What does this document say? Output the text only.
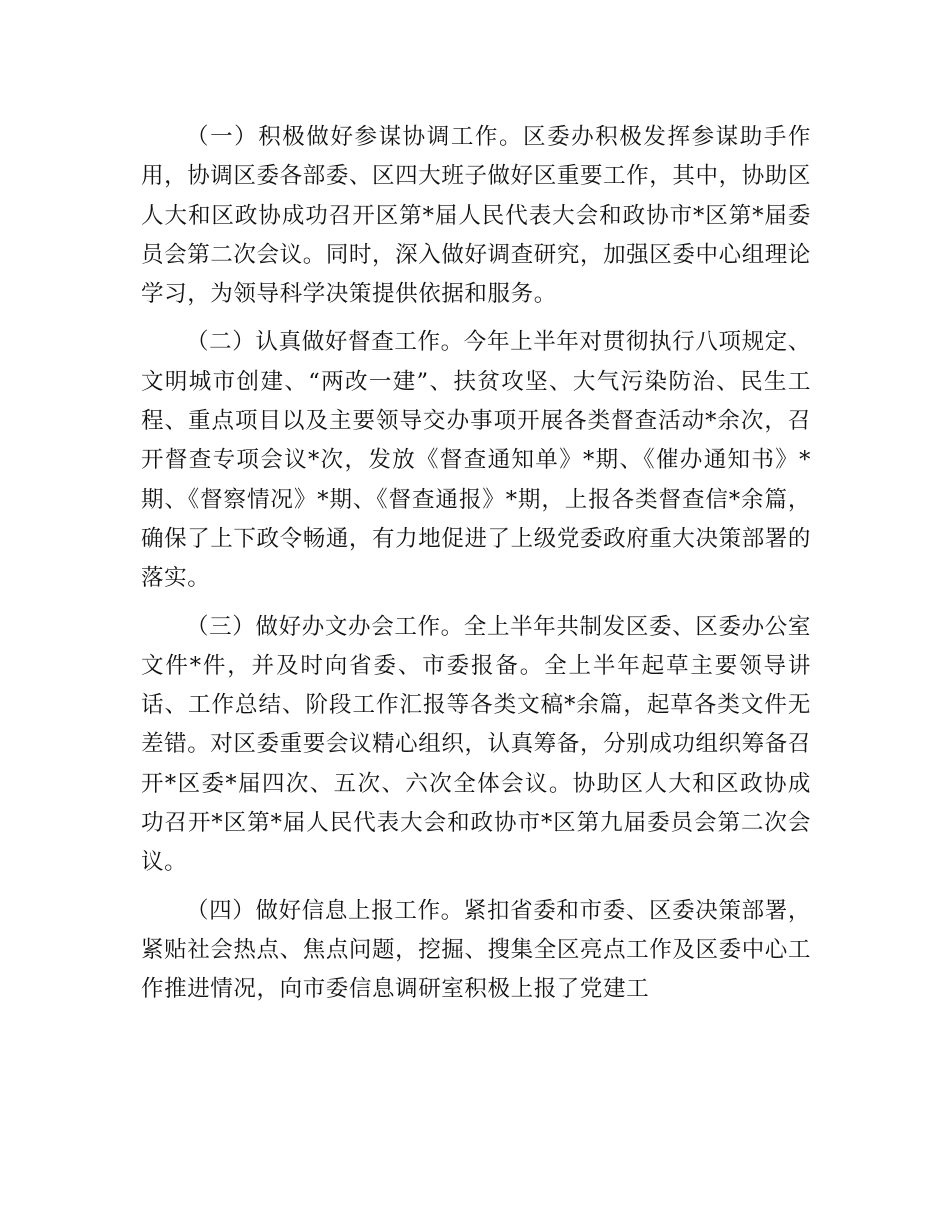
（一）积极做好参谋协调工作。区委办积极发挥参谋助手作用，协调区委各部委、区四大班子做好区重要工作，其中，协助区人大和区政协成功召开区第*届人民代表大会和政协市*区第*届委员会第二次会议。同时，深入做好调查研究，加强区委中心组理论学习，为领导科学决策提供依据和服务。

（二）认真做好督查工作。今年上半年对贯彻执行八项规定、文明城市创建、“两改一建”、扶贫攻坚、大气污染防治、民生工程、重点项目以及主要领导交办事项开展各类督查活动*余次，召开督查专项会议*次，发放《督查通知单》*期、《催办通知书》*期、《督察情况》*期、《督查通报》*期，上报各类督查信*余篇，确保了上下政令畅通，有力地促进了上级党委政府重大决策部署的落实。

（三）做好办文办会工作。全上半年共制发区委、区委办公室文件*件，并及时向省委、市委报备。全上半年起草主要领导讲话、工作总结、阶段工作汇报等各类文稿*余篇，起草各类文件无差错。对区委重要会议精心组织，认真筹备，分别成功组织筹备召开*区委*届四次、五次、六次全体会议。协助区人大和区政协成功召开*区第*届人民代表大会和政协市*区第九届委员会第二次会议。

（四）做好信息上报工作。紧扣省委和市委、区委决策部署，紧贴社会热点、焦点问题，挖掘、搜集全区亮点工作及区委中心工作推进情况，向市委信息调研室积极上报了党建工
